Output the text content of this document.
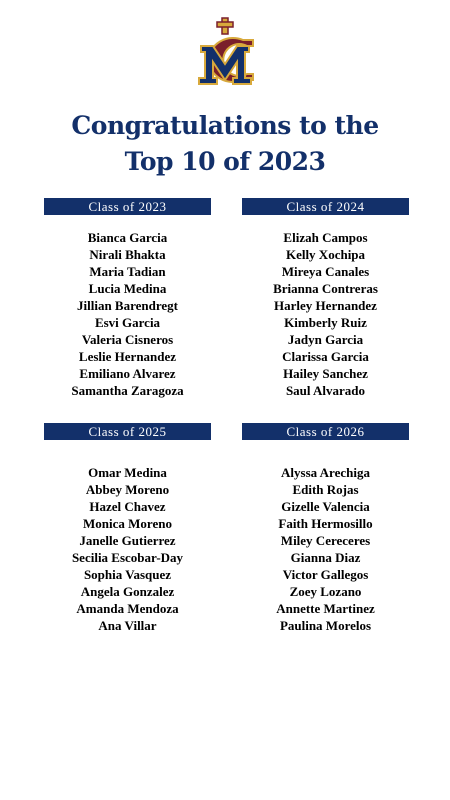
Congratulations to the
Top 10 of 2023
Class of 2023
Bianca Garcia
Nirali Bhakta
Maria Tadian
Lucia Medina
Jillian Barendregt
Esvi Garcia
Valeria Cisneros
Leslie Hernandez
Emiliano Alvarez
Samantha Zaragoza
Class of 2024
Elizah Campos
Kelly Xochipa
Mireya Canales
Brianna Contreras
Harley Hernandez
Kimberly Ruiz
Jadyn Garcia
Clarissa Garcia
Hailey Sanchez
Saul Alvarado
Class of 2025
Omar Medina
Abbey Moreno
Hazel Chavez
Monica Moreno
Janelle Gutierrez
Secilia Escobar-Day
Sophia Vasquez
Angela Gonzalez
Amanda Mendoza
Ana Villar
Class of 2026
Alyssa Arechiga
Edith Rojas
Gizelle Valencia
Faith Hermosillo
Miley Cereceres
Gianna Diaz
Victor Gallegos
Zoey Lozano
Annette Martinez
Paulina Morelos
